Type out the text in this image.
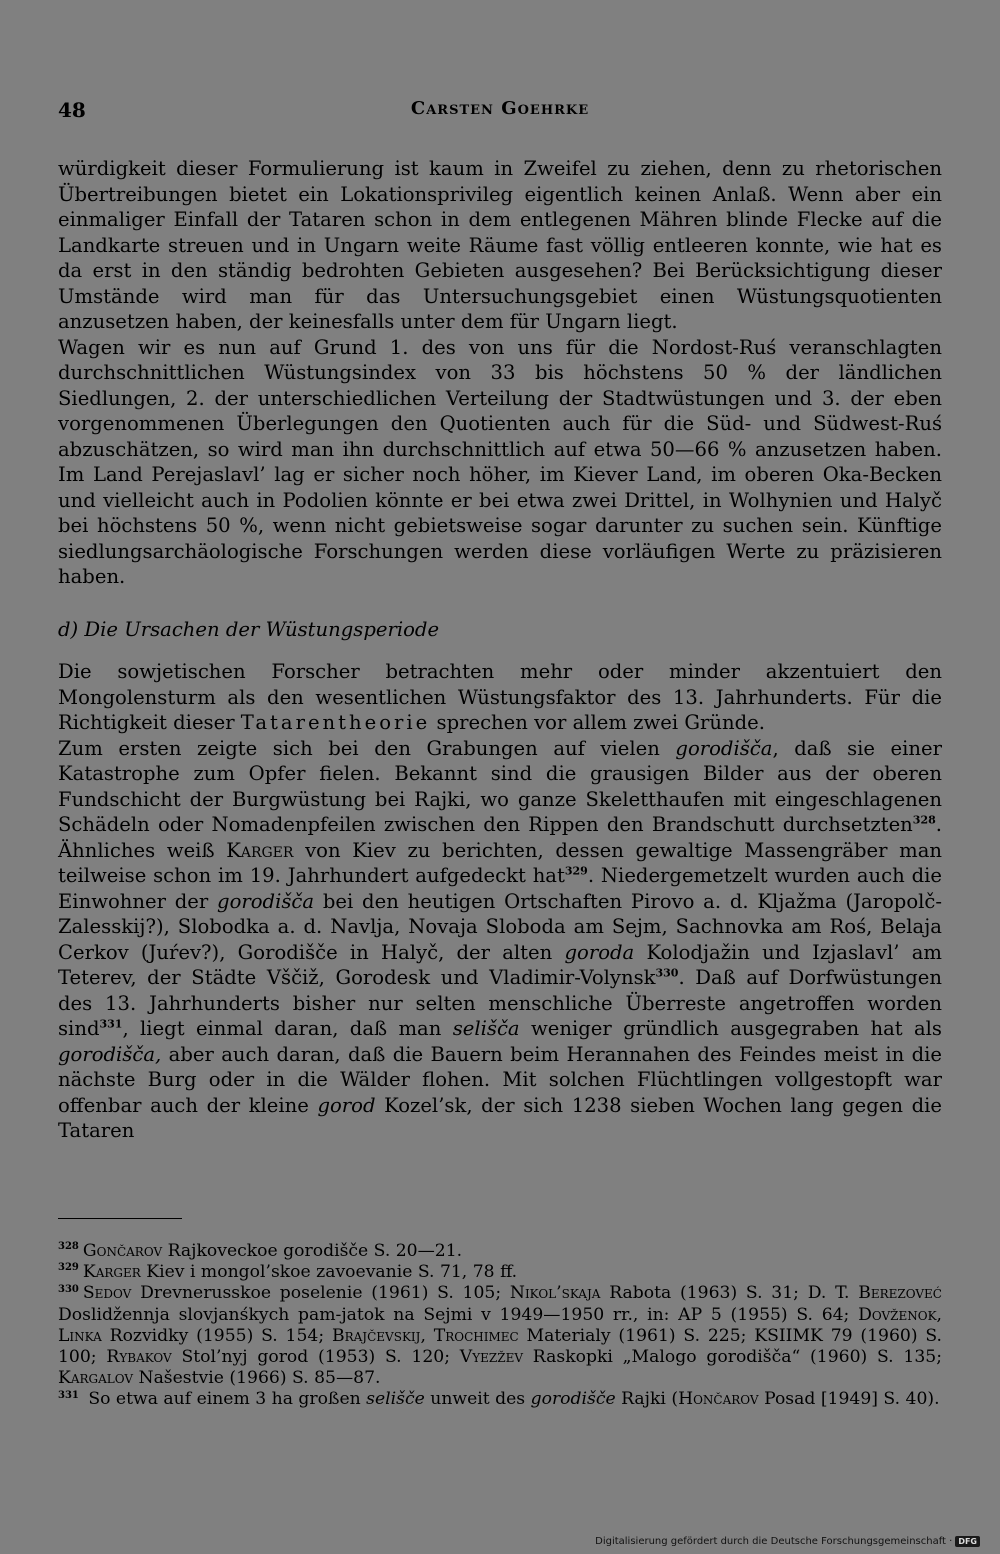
48	Carsten Goehrke

würdigkeit dieser Formulierung ist kaum in Zweifel zu ziehen, denn zu rhetorischen Übertreibungen bietet ein Lokationsprivileg eigentlich keinen Anlaß. Wenn aber ein einmaliger Einfall der Tataren schon in dem entlegenen Mähren blinde Flecke auf die Landkarte streuen und in Ungarn weite Räume fast völlig entleeren konnte, wie hat es da erst in den ständig bedrohten Gebieten ausgesehen? Bei Berücksichtigung dieser Umstände wird man für das Untersuchungsgebiet einen Wüstungsquotienten anzusetzen haben, der keinesfalls unter dem für Ungarn liegt.

Wagen wir es nun auf Grund 1. des von uns für die Nordost-Ruś veranschlagten durchschnittlichen Wüstungsindex von 33 bis höchstens 50 % der ländlichen Siedlungen, 2. der unterschiedlichen Verteilung der Stadtwüstungen und 3. der eben vorgenommenen Überlegungen den Quotienten auch für die Süd- und Südwest-Ruś abzuschätzen, so wird man ihn durchschnittlich auf etwa 50—66 % anzusetzen haben. Im Land Perejaslavl’ lag er sicher noch höher, im Kiever Land, im oberen Oka-Becken und vielleicht auch in Podolien könnte er bei etwa zwei Drittel, in Wolhynien und Halyč bei höchstens 50 %, wenn nicht gebietsweise sogar darunter zu suchen sein. Künftige siedlungsarchäologische Forschungen werden diese vorläufigen Werte zu präzisieren haben.

d) Die Ursachen der Wüstungsperiode

Die sowjetischen Forscher betrachten mehr oder minder akzentuiert den Mongolensturm als den wesentlichen Wüstungsfaktor des 13. Jahrhunderts. Für die Richtigkeit dieser Tatarentheorie sprechen vor allem zwei Gründe.

Zum ersten zeigte sich bei den Grabungen auf vielen gorodišča, daß sie einer Katastrophe zum Opfer fielen. Bekannt sind die grausigen Bilder aus der oberen Fundschicht der Burgwüstung bei Rajki, wo ganze Skeletthaufen mit eingeschlagenen Schädeln oder Nomadenpfeilen zwischen den Rippen den Brandschutt durchsetzten$^{328}$. Ähnliches weiß Karger von Kiev zu berichten, dessen gewaltige Massengräber man teilweise schon im 19. Jahrhundert aufgedeckt hat$^{329}$. Niedergemetzelt wurden auch die Einwohner der gorodišča bei den heutigen Ortschaften Pirovo a. d. Kljažma (Jaropolč-Zalesskij?), Slobodka a. d. Navlja, Novaja Sloboda am Sejm, Sachnovka am Roś, Belaja Cerkov (Juŕev?), Gorodišče in Halyč, der alten goroda Kolodjažin und Izjaslavl’ am Teterev, der Städte Vščiž, Gorodesk und Vladimir-Volynsk$^{330}$. Daß auf Dorfwüstungen des 13. Jahrhunderts bisher nur selten menschliche Überreste angetroffen worden sind$^{331}$, liegt einmal daran, daß man selišča weniger gründlich ausgegraben hat als gorodišča, aber auch daran, daß die Bauern beim Herannahen des Feindes meist in die nächste Burg oder in die Wälder flohen. Mit solchen Flüchtlingen vollgestopft war offenbar auch der kleine gorod Kozel’sk, der sich 1238 sieben Wochen lang gegen die Tataren

$^{328}$ Gončarov Rajkoveckoe gorodišče S. 20—21.

$^{329}$ Karger Kiev i mongol’skoe zavoevanie S. 71, 78 ff.

$^{330}$ Sedov Drevnerusskoe poselenie (1961) S. 105; Nikol’skaja Rabota (1963) S. 31; D. T. Berezoveć Doslidžennja slovjanśkych pam-jatok na Sejmi v 1949—1950 rr., in: AP 5 (1955) S. 64; Dovženok, Linka Rozvidky (1955) S. 154; Brajčevskij, Trochimec Materialy (1961) S. 225; KSIIMK 79 (1960) S. 100; Rybakov Stol’nyj gorod (1953) S. 120; Vyezžev Raskopki „Malogo gorodišča“ (1960) S. 135; Kargalov Našestvie (1966) S. 85—87.

$^{331}$ So etwa auf einem 3 ha großen selišče unweit des gorodišče Rajki (Hončarov Posad [1949] S. 40).

Digitalisierung gefördert durch die Deutsche Forschungsgemeinschaft · DFG
